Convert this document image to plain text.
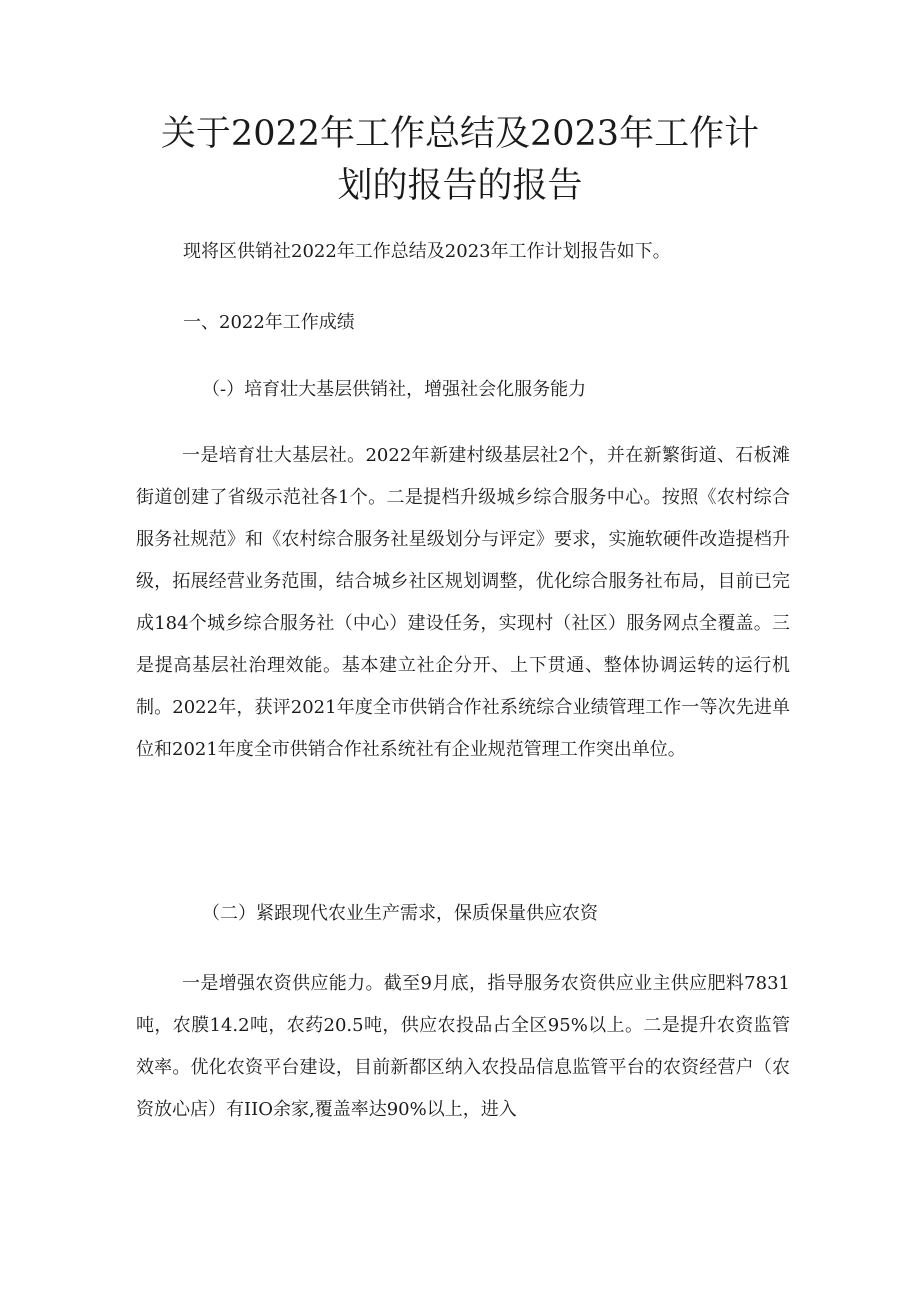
关于2022年工作总结及2023年工作计
划的报告的报告

现将区供销社2022年工作总结及2023年工作计划报告如下。

一、2022年工作成绩

（-）培育壮大基层供销社，增强社会化服务能力

一是培育壮大基层社。2022年新建村级基层社2个，并在新繁街道、石板滩街道创建了省级示范社各1个。二是提档升级城乡综合服务中心。按照《农村综合服务社规范》和《农村综合服务社星级划分与评定》要求，实施软硬件改造提档升级，拓展经营业务范围，结合城乡社区规划调整，优化综合服务社布局，目前已完成184个城乡综合服务社（中心）建设任务，实现村（社区）服务网点全覆盖。三是提高基层社治理效能。基本建立社企分开、上下贯通、整体协调运转的运行机制。2022年，获评2021年度全市供销合作社系统综合业绩管理工作一等次先进单位和2021年度全市供销合作社系统社有企业规范管理工作突出单位。

（二）紧跟现代农业生产需求，保质保量供应农资

一是增强农资供应能力。截至9月底，指导服务农资供应业主供应肥料7831吨，农膜14.2吨，农药20.5吨，供应农投品占全区95%以上。二是提升农资监管效率。优化农资平台建设，目前新都区纳入农投品信息监管平台的农资经营户（农资放心店）有IIO余家,覆盖率达90%以上，进入
